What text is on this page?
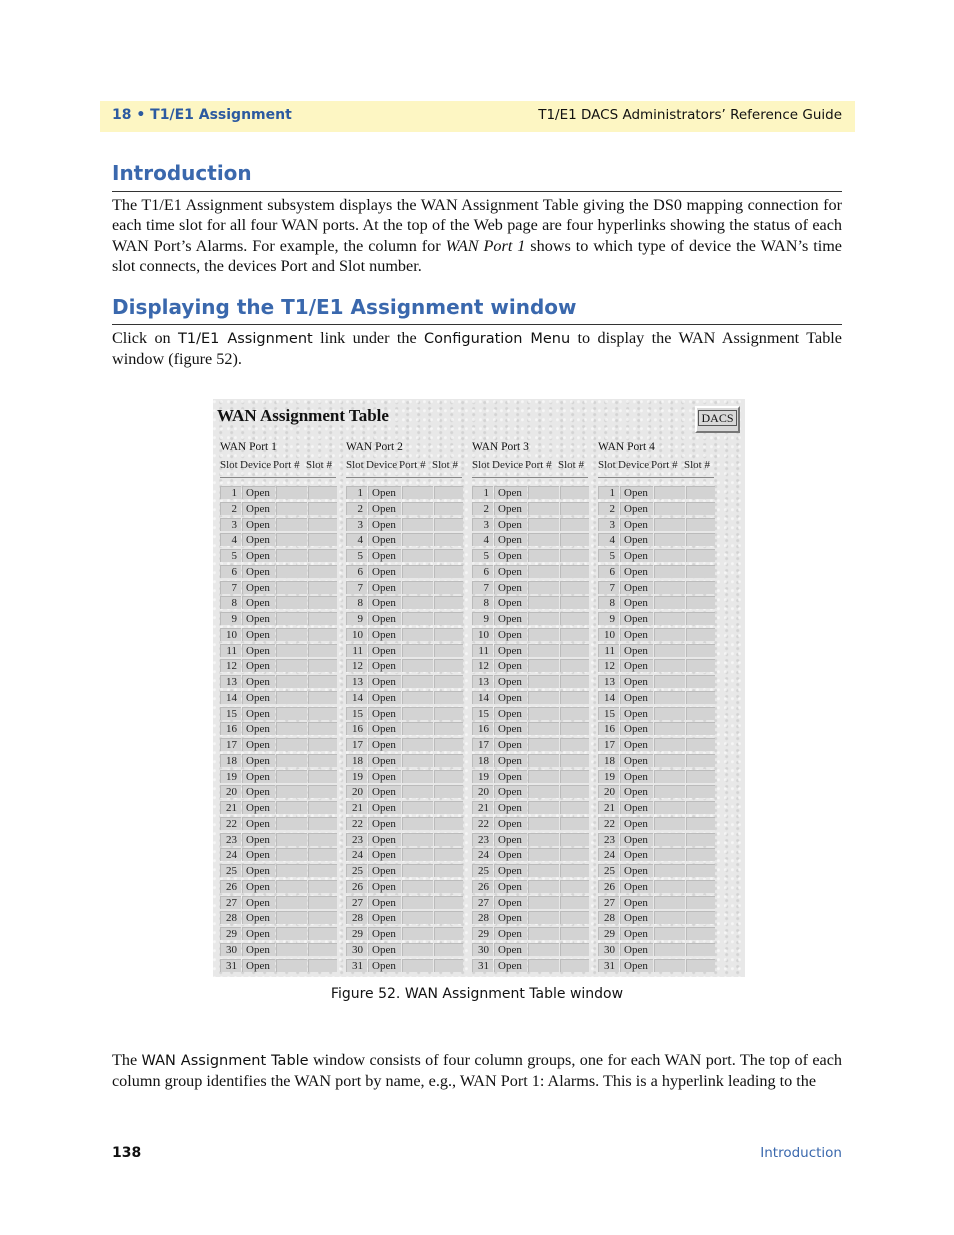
18 • T1/E1 Assignment	T1/E1 DACS Administrators’ Reference Guide
Introduction
The T1/E1 Assignment subsystem displays the WAN Assignment Table giving the DS0 mapping connection for each time slot for all four WAN ports. At the top of the Web page are four hyperlinks showing the status of each WAN Port’s Alarms. For example, the column for WAN Port 1 shows to which type of device the WAN’s time slot connects, the devices Port and Slot number.
Displaying the T1/E1 Assignment window
Click on T1/E1 Assignment link under the Configuration Menu to display the WAN Assignment Table window (figure 52).
WAN Assignment Table	DACS
WAN Port 1
Slot Device Port # Slot #
1 Open
2 Open
3 Open
4 Open
5 Open
6 Open
7 Open
8 Open
9 Open
10 Open
11 Open
12 Open
13 Open
14 Open
15 Open
16 Open
17 Open
18 Open
19 Open
20 Open
21 Open
22 Open
23 Open
24 Open
25 Open
26 Open
27 Open
28 Open
29 Open
30 Open
31 Open
WAN Port 2
Slot Device Port # Slot #
1 Open
2 Open
3 Open
4 Open
5 Open
6 Open
7 Open
8 Open
9 Open
10 Open
11 Open
12 Open
13 Open
14 Open
15 Open
16 Open
17 Open
18 Open
19 Open
20 Open
21 Open
22 Open
23 Open
24 Open
25 Open
26 Open
27 Open
28 Open
29 Open
30 Open
31 Open
WAN Port 3
Slot Device Port # Slot #
1 Open
2 Open
3 Open
4 Open
5 Open
6 Open
7 Open
8 Open
9 Open
10 Open
11 Open
12 Open
13 Open
14 Open
15 Open
16 Open
17 Open
18 Open
19 Open
20 Open
21 Open
22 Open
23 Open
24 Open
25 Open
26 Open
27 Open
28 Open
29 Open
30 Open
31 Open
WAN Port 4
Slot Device Port # Slot #
1 Open
2 Open
3 Open
4 Open
5 Open
6 Open
7 Open
8 Open
9 Open
10 Open
11 Open
12 Open
13 Open
14 Open
15 Open
16 Open
17 Open
18 Open
19 Open
20 Open
21 Open
22 Open
23 Open
24 Open
25 Open
26 Open
27 Open
28 Open
29 Open
30 Open
31 Open
Figure 52. WAN Assignment Table window
The WAN Assignment Table window consists of four column groups, one for each WAN port. The top of each column group identifies the WAN port by name, e.g., WAN Port 1: Alarms. This is a hyperlink leading to the
138	Introduction
